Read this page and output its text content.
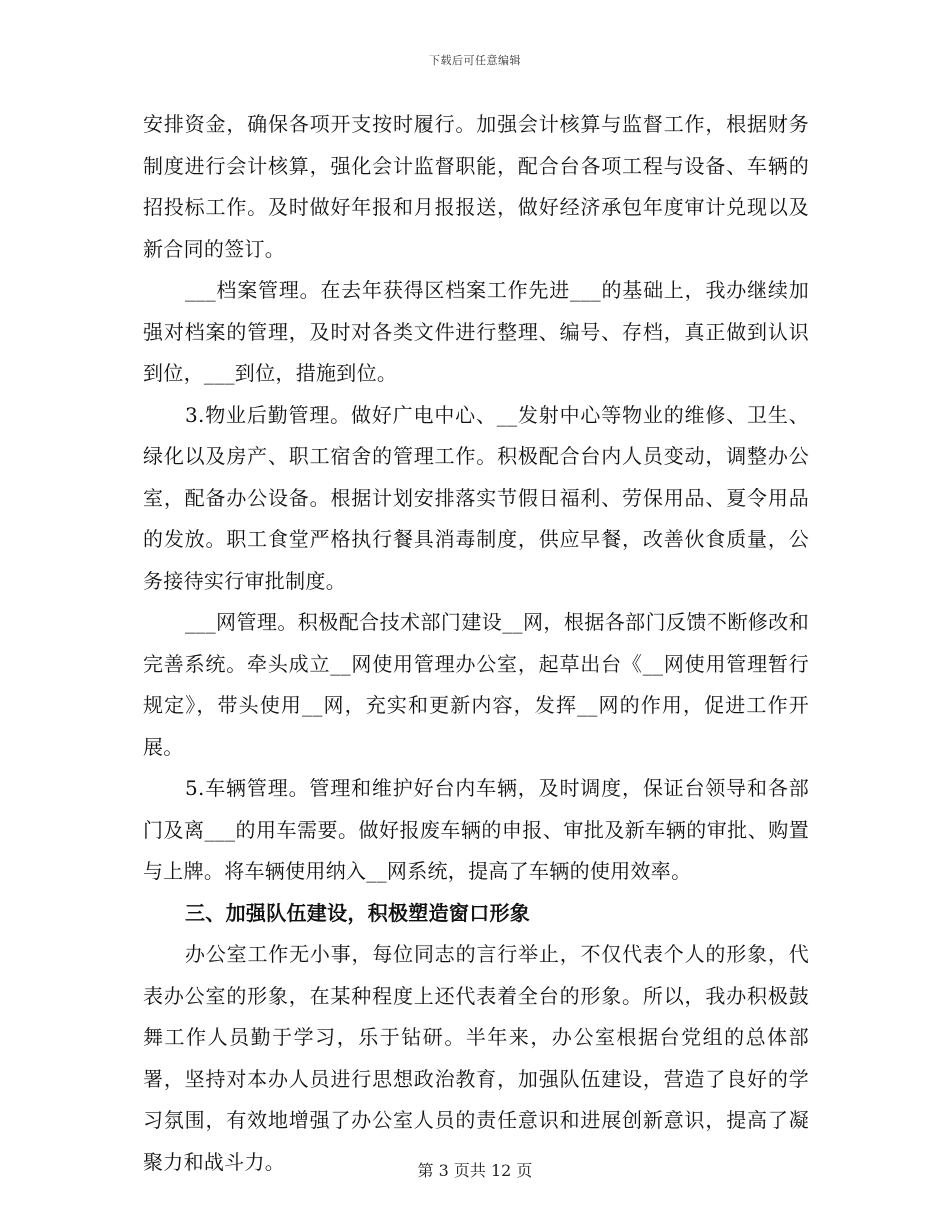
下载后可任意编辑

安排资金，确保各项开支按时履行。加强会计核算与监督工作，根据财务制度进行会计核算，强化会计监督职能，配合台各项工程与设备、车辆的招投标工作。及时做好年报和月报报送，做好经济承包年度审计兑现以及新合同的签订。

___档案管理。在去年获得区档案工作先进___的基础上，我办继续加强对档案的管理，及时对各类文件进行整理、编号、存档，真正做到认识到位，___到位，措施到位。

3.物业后勤管理。做好广电中心、__发射中心等物业的维修、卫生、绿化以及房产、职工宿舍的管理工作。积极配合台内人员变动，调整办公室，配备办公设备。根据计划安排落实节假日福利、劳保用品、夏令用品的发放。职工食堂严格执行餐具消毒制度，供应早餐，改善伙食质量，公务接待实行审批制度。

___网管理。积极配合技术部门建设__网，根据各部门反馈不断修改和完善系统。牵头成立__网使用管理办公室，起草出台《__网使用管理暂行规定》，带头使用__网，充实和更新内容，发挥__网的作用，促进工作开展。

5.车辆管理。管理和维护好台内车辆，及时调度，保证台领导和各部门及离___的用车需要。做好报废车辆的申报、审批及新车辆的审批、购置与上牌。将车辆使用纳入__网系统，提高了车辆的使用效率。

三、加强队伍建设，积极塑造窗口形象

办公室工作无小事，每位同志的言行举止，不仅代表个人的形象，代表办公室的形象，在某种程度上还代表着全台的形象。所以，我办积极鼓舞工作人员勤于学习，乐于钻研。半年来，办公室根据台党组的总体部署，坚持对本办人员进行思想政治教育，加强队伍建设，营造了良好的学习氛围，有效地增强了办公室人员的责任意识和进展创新意识，提高了凝聚力和战斗力。	第 3 页共 12 页
